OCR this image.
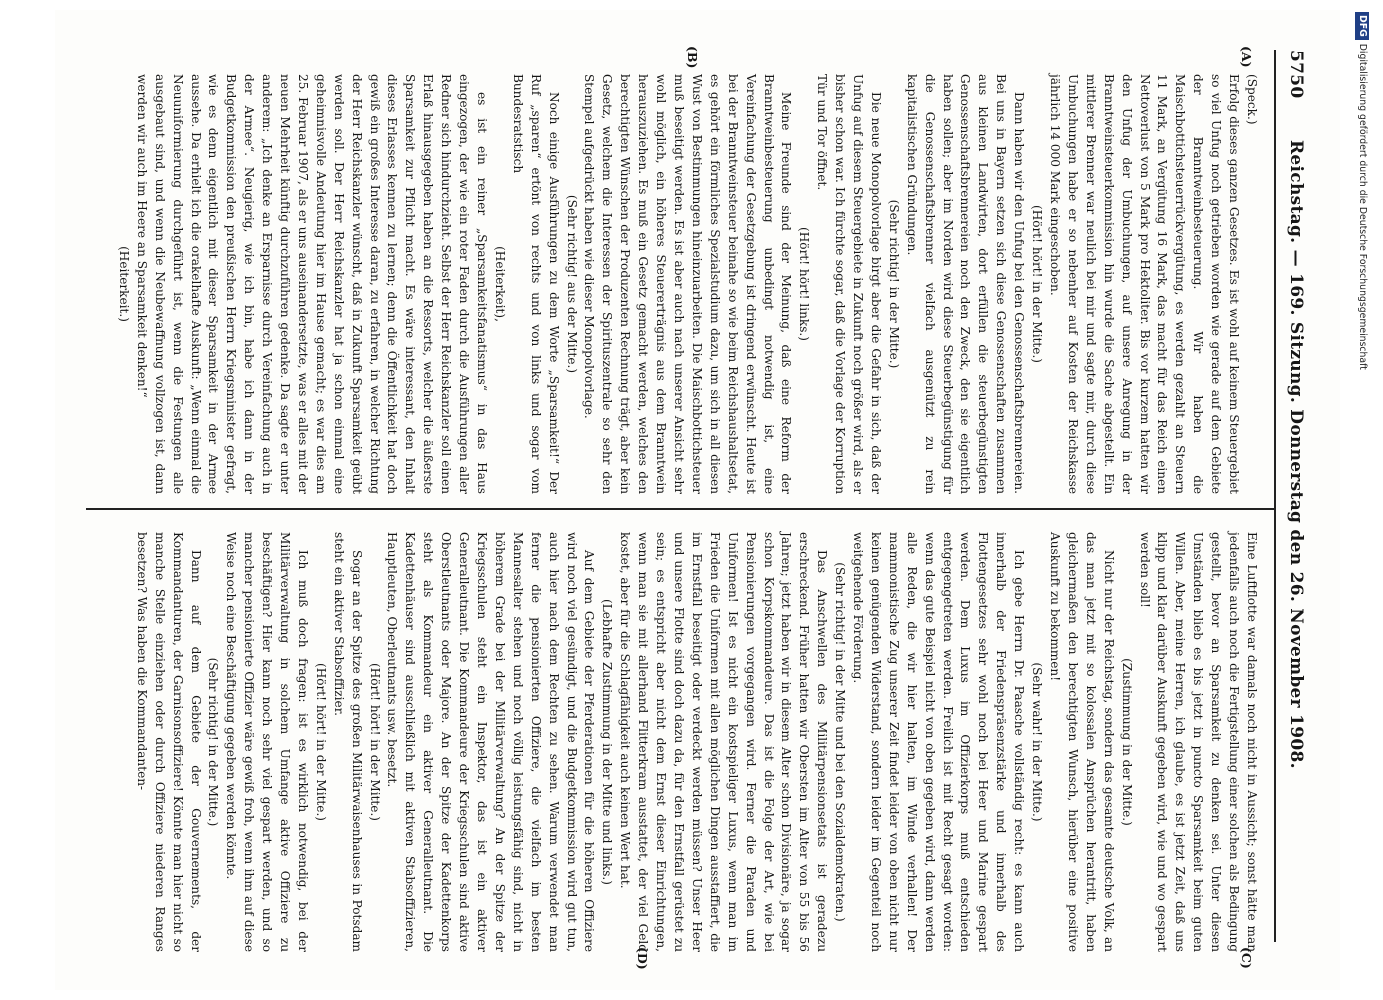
5750
Reichstag. — 169. Sitzung. Donnerstag den 26. November 1908.
(A)
(B)
(C)
(D)

(Speck.)

Erfolg dieses ganzen Gesetzes. Es ist wohl auf keinem Steuergebiet so viel Unfug noch getrieben worden wie gerade auf dem Gebiete der Branntweinbesteuerung. Wir haben die Maischbottichsteuerrückvergütung, es werden gezahlt an Steuern 11 Mark, an Vergütung 16 Mark, das macht für das Reich einen Nettoverlust von 5 Mark pro Hektoliter. Bis vor kurzem hatten wir den Unfug der Umbuchungen, auf unsere Anregung in der Branntweinsteuerkommission hin wurde die Sache abgestellt. Ein mittlerer Brenner war neulich bei mir und sagte mir, durch diese Umbuchungen habe er so nebenher auf Kosten der Reichskasse jährlich 14 000 Mark eingeschoben.

(Hört! hört! in der Mitte.)

Dann haben wir den Unfug bei den Genossenschaftsbrennereien. Bei uns in Bayern setzen sich diese Genossenschaften zusammen aus kleinen Landwirten, dort erfüllen die steuerbegünstigten Genossenschaftsbrennereien noch den Zweck, den sie eigentlich haben sollen; aber im Norden wird diese Steuerbegünstigung für die Genossenschaftsbrenner vielfach ausgenützt zu rein kapitalistischen Gründungen.

(Sehr richtig! in der Mitte.)

Die neue Monopolvorlage birgt aber die Gefahr in sich, daß der Unfug auf diesem Steuergebiete in Zukunft noch größer wird, als er bisher schon war. Ich fürchte sogar, daß die Vorlage der Korruption Tür und Tor öffnet.

(Hört! hört! links.)

Meine Freunde sind der Meinung, daß eine Reform der Branntweinbesteuerung unbedingt notwendig ist, eine Vereinfachung der Gesetzgebung ist dringend erwünscht. Heute ist bei der Branntweinsteuer beinahe so wie beim Reichshaushaltsetat, es gehört ein förmliches Spezialstudium dazu, um sich in all diesen Wust von Bestimmungen hineinzuarbeiten. Die Maischbottichsteuer muß beseitigt werden. Es ist aber auch nach unserer Ansicht sehr wohl möglich, ein höheres Steuererträgnis aus dem Branntwein herauszuziehen. Es muß ein Gesetz gemacht werden, welches den berechtigten Wünschen der Produzenten Rechnung trägt, aber kein Gesetz, welchem die Interessen der Spirituszentrale so sehr den Stempel aufgedrückt haben wie dieser Monopolvorlage.

(Sehr richtig! aus der Mitte.)

Noch einige Ausführungen zu dem Worte „Sparsamkeit!“ Der Ruf „sparen“ ertönt von rechts und von links und sogar vom Bundesratstisch

(Heiterkeit),

es ist ein reiner „Sparsamkeitsfanatismus“ in das Haus eingezogen, der wie ein roter Faden durch die Ausführungen aller Redner sich hindurchzieht. Selbst der Herr Reichskanzler soll einen Erlaß hinausgegeben haben an die Ressorts, welcher die äußerste Sparsamkeit zur Pflicht macht. Es wäre interessant, den Inhalt dieses Erlasses kennen zu lernen; denn die Öffentlichkeit hat doch gewiß ein großes Interesse daran, zu erfahren, in welcher Richtung der Herr Reichskanzler wünscht, daß in Zukunft Sparsamkeit geübt werden soll. Der Herr Reichskanzler hat ja schon einmal eine geheimnisvolle Andeutung hier im Hause gemacht; es war dies am 25. Februar 1907, als er uns auseinandersetzte, was er alles mit der neuen Mehrheit künftig durchzuführen gedenke. Da sagte er unter anderem: „Ich denke an Ersparnisse durch Vereinfachung auch in der Armee“. Neugierig, wie ich bin, habe ich dann in der Budgetkommission den preußischen Herrn Kriegsminister gefragt, wie es denn eigentlich mit dieser Sparsamkeit in der Armee aussehe. Da erhielt ich die orakelhafte Auskunft: „Wenn einmal die Neuuniformierung durchgeführt ist, wenn die Festungen alle ausgebaut sind, und wenn die Neubewaffnung vollzogen ist, dann werden wir auch im Heere an Sparsamkeit denken!“

(Heiterkeit.)

Eine Luftflotte war damals noch nicht in Aussicht; sonst hätte man jedenfalls auch noch die Fertigstellung einer solchen als Bedingung gestellt, bevor an Sparsamkeit zu denken sei. Unter diesen Umständen blieb es bis jetzt in puncto Sparsamkeit beim guten Willen. Aber, meine Herren, ich glaube, es ist jetzt Zeit, daß uns klipp und klar darüber Auskunft gegeben wird, wie und wo gespart werden soll!

(Zustimmung in der Mitte.)

Nicht nur der Reichstag, sondern das gesamte deutsche Volk, an das man jetzt mit so kolossalen Ansprüchen herantritt, haben gleichermaßen den berechtigten Wunsch, hierüber eine positive Auskunft zu bekommen!

(Sehr wahr! in der Mitte.)

Ich gebe Herrn Dr. Paasche vollständig recht: es kann auch innerhalb der Friedenspräsenzstärke und innerhalb des Flottengesetzes sehr wohl noch bei Heer und Marine gespart werden. Dem Luxus im Offizierkorps muß entschieden entgegengetreten werden. Freilich ist mit Recht gesagt worden: wenn das gute Beispiel nicht von oben gegeben wird, dann werden alle Reden, die wir hier halten, im Winde verhallen! Der mammonistische Zug unserer Zeit findet leider von oben nicht nur keinen genügenden Widerstand, sondern leider im Gegenteil noch weitgehende Förderung.

(Sehr richtig! in der Mitte und bei den Sozialdemokraten.)

Das Anschwellen des Militärpensionsetats ist geradezu erschreckend. Früher hatten wir Obersten im Alter von 55 bis 56 Jahren; jetzt haben wir in diesem Alter schon Divisionäre, ja sogar schon Korpskommandeure. Das ist die Folge der Art, wie bei Pensionierungen vorgegangen wird. Ferner die Paraden und Uniformen! Ist es nicht ein kostspieliger Luxus, wenn man im Frieden die Uniformen mit allen möglichen Dingen ausstaffiert, die im Ernstfall beseitigt oder verdeckt werden müssen? Unser Heer und unsere Flotte sind doch dazu da, für den Ernstfall gerüstet zu sein; es entspricht aber nicht dem Ernst dieser Einrichtungen, wenn man sie mit allerhand Flitterkram ausstattet, der viel Geld kostet, aber für die Schlagfähigkeit auch keinen Wert hat.

(Lebhafte Zustimmung in der Mitte und links.)

Auf dem Gebiete der Pferderationen für die höheren Offiziere wird noch viel gesündigt, und die Budgetkommission wird gut tun, auch hier nach dem Rechten zu sehen. Warum verwendet man ferner die pensionierten Offiziere, die vielfach im besten Mannesalter stehen und noch völlig leistungsfähig sind, nicht in höherem Grade bei der Militärverwaltung? An der Spitze der Kriegsschulen steht ein Inspektor, das ist ein aktiver Generalleutnant. Die Kommandeure der Kriegsschulen sind aktive Oberstleutnants oder Majore. An der Spitze der Kadettenkorps steht als Kommandeur ein aktiver Generalleutnant. Die Kadettenhäuser sind ausschließlich mit aktiven Stabsoffizieren, Hauptleuten, Oberleutnants usw. besetzt.

(Hört! hört! in der Mitte.)

Sogar an der Spitze des großen Militärwaisenhauses in Potsdam steht ein aktiver Stabsoffizier.

(Hört! hört! in der Mitte.)

Ich muß doch fragen: ist es wirklich notwendig, bei der Militärverwaltung in solchem Umfange aktive Offiziere zu beschäftigen? Hier kann noch sehr viel gespart werden, und so mancher pensionierte Offizier wäre gewiß froh, wenn ihm auf diese Weise noch eine Beschäftigung gegeben werden könnte.

(Sehr richtig! in der Mitte.)

Dann auf dem Gebiete der Gouvernements, der Kommandanturen, der Garnisonsoffiziere! Könnte man hier nicht so manche Stelle einziehen oder durch Offiziere niederen Ranges besetzen? Was haben die Kommandanten-

DFGDigitalisierung gefördert durch die Deutsche Forschungsgemeinschaft
